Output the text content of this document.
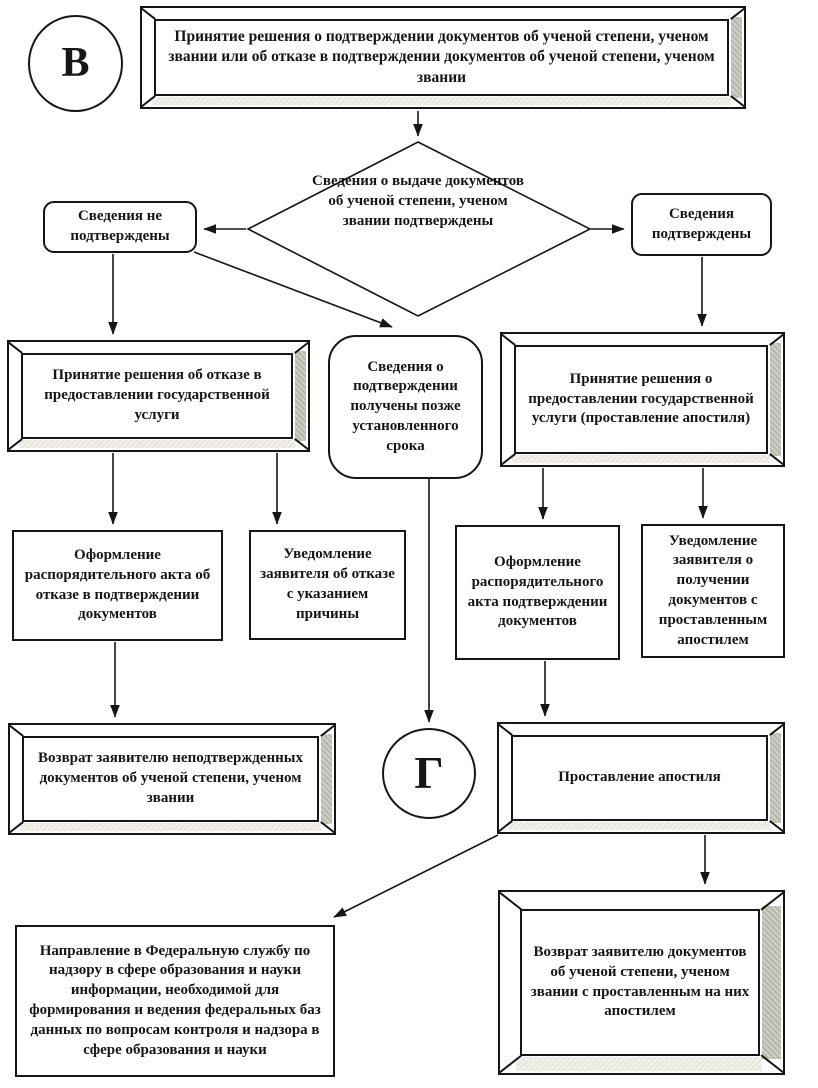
В
Принятие решения о подтверждении документов об ученой степени, ученом звании или об отказе в подтверждении документов об ученой степени, ученом звании
Сведения о выдаче документов об ученой степени, ученом звании подтверждены
Сведения не подтверждены
Сведения подтверждены
Принятие решения об отказе в предоставлении государственной услуги
Сведения о подтверждении получены позже установленного срока
Принятие решения о предоставлении государственной услуги (проставление апостиля)
Оформление распорядительного акта об отказе в подтверждении документов
Уведомление заявителя об отказе с указанием причины
Оформление распорядительного акта подтверждении документов
Уведомление заявителя о получении документов с проставленным апостилем
Возврат заявителю неподтвержденных документов об ученой степени, ученом звании	Г	Проставление апостиля
Направление в Федеральную службу по надзору в сфере образования и науки информации, необходимой для формирования и ведения федеральных баз данных по вопросам контроля и надзора в сфере образования и науки
Возврат заявителю документов об ученой степени, ученом звании с проставленным на них апостилем
